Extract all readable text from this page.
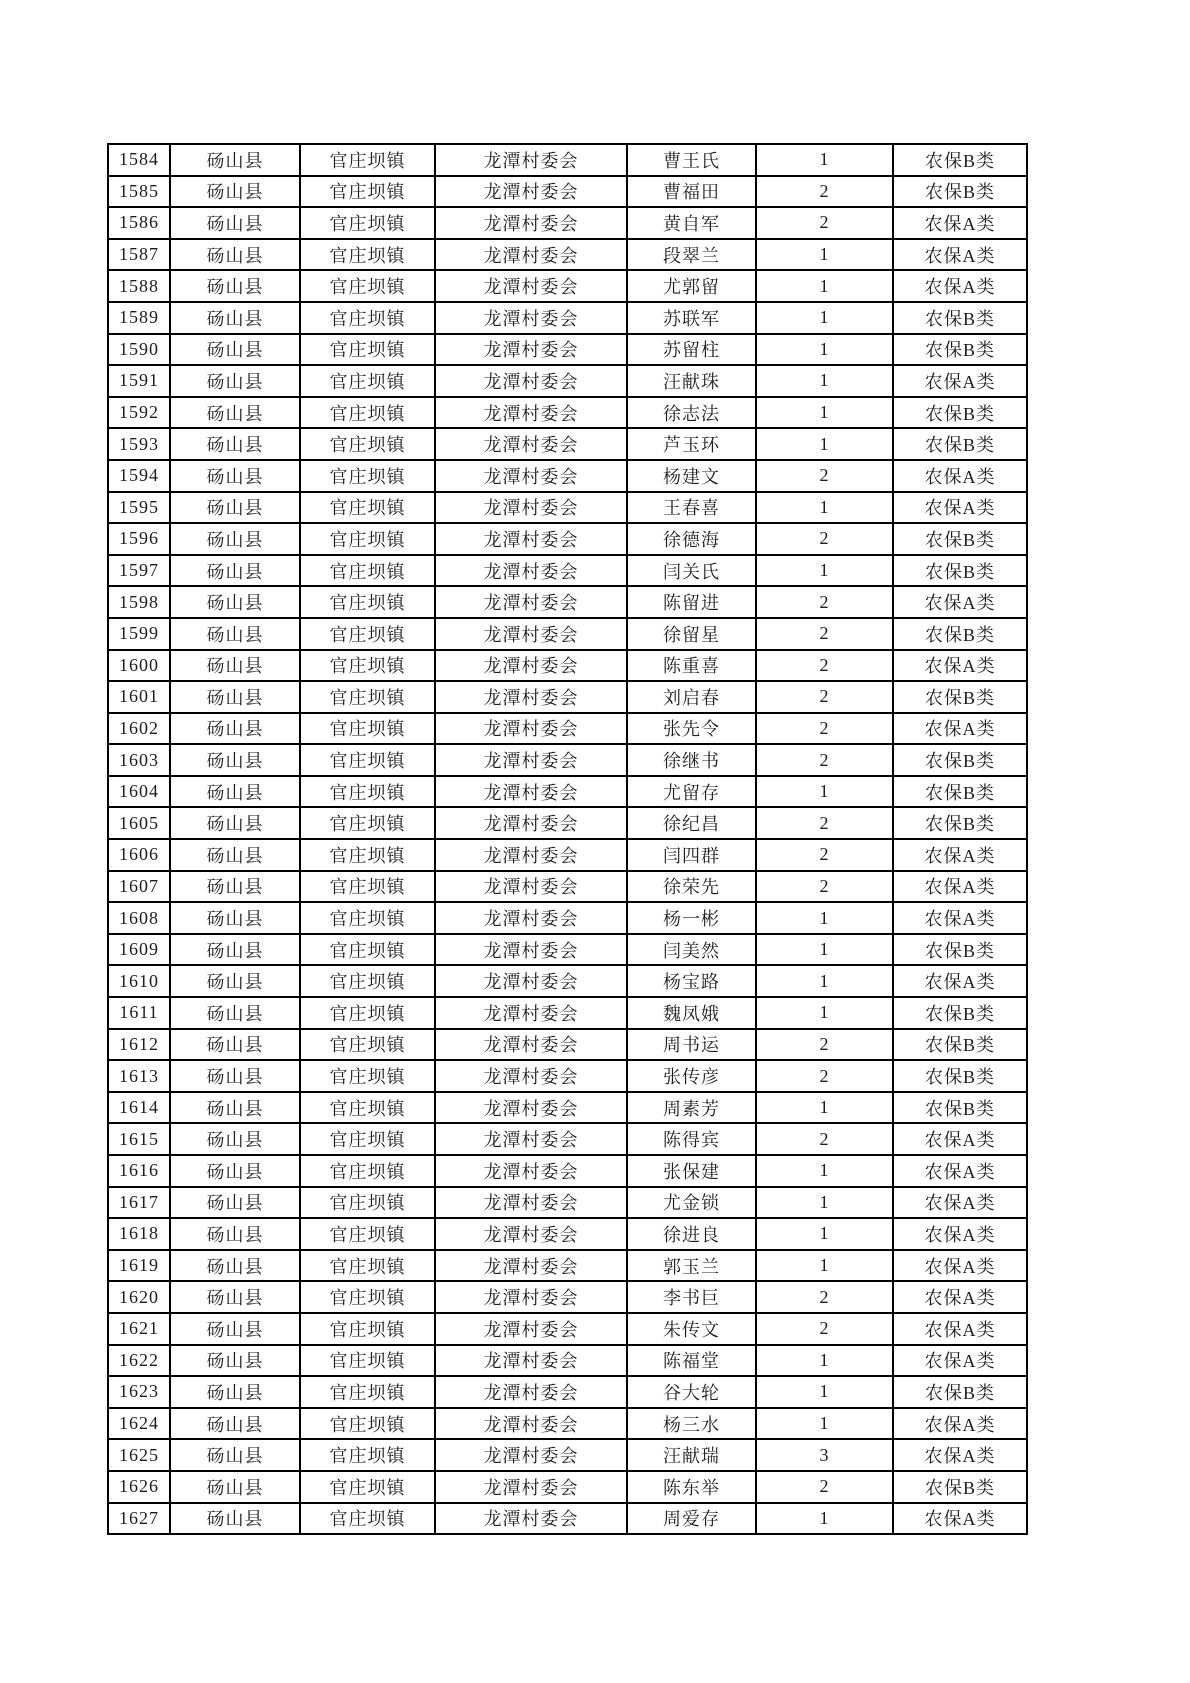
1584	砀山县	官庄坝镇	龙潭村委会	曹王氏	1	农保B类
1585	砀山县	官庄坝镇	龙潭村委会	曹福田	2	农保B类
1586	砀山县	官庄坝镇	龙潭村委会	黄自军	2	农保A类
1587	砀山县	官庄坝镇	龙潭村委会	段翠兰	1	农保A类
1588	砀山县	官庄坝镇	龙潭村委会	尤郭留	1	农保A类
1589	砀山县	官庄坝镇	龙潭村委会	苏联军	1	农保B类
1590	砀山县	官庄坝镇	龙潭村委会	苏留柱	1	农保B类
1591	砀山县	官庄坝镇	龙潭村委会	汪献珠	1	农保A类
1592	砀山县	官庄坝镇	龙潭村委会	徐志法	1	农保B类
1593	砀山县	官庄坝镇	龙潭村委会	芦玉环	1	农保B类
1594	砀山县	官庄坝镇	龙潭村委会	杨建文	2	农保A类
1595	砀山县	官庄坝镇	龙潭村委会	王春喜	1	农保A类
1596	砀山县	官庄坝镇	龙潭村委会	徐德海	2	农保B类
1597	砀山县	官庄坝镇	龙潭村委会	闫关氏	1	农保B类
1598	砀山县	官庄坝镇	龙潭村委会	陈留进	2	农保A类
1599	砀山县	官庄坝镇	龙潭村委会	徐留星	2	农保B类
1600	砀山县	官庄坝镇	龙潭村委会	陈重喜	2	农保A类
1601	砀山县	官庄坝镇	龙潭村委会	刘启春	2	农保B类
1602	砀山县	官庄坝镇	龙潭村委会	张先令	2	农保A类
1603	砀山县	官庄坝镇	龙潭村委会	徐继书	2	农保B类
1604	砀山县	官庄坝镇	龙潭村委会	尤留存	1	农保B类
1605	砀山县	官庄坝镇	龙潭村委会	徐纪昌	2	农保B类
1606	砀山县	官庄坝镇	龙潭村委会	闫四群	2	农保A类
1607	砀山县	官庄坝镇	龙潭村委会	徐荣先	2	农保A类
1608	砀山县	官庄坝镇	龙潭村委会	杨一彬	1	农保A类
1609	砀山县	官庄坝镇	龙潭村委会	闫美然	1	农保B类
1610	砀山县	官庄坝镇	龙潭村委会	杨宝路	1	农保A类
1611	砀山县	官庄坝镇	龙潭村委会	魏凤娥	1	农保B类
1612	砀山县	官庄坝镇	龙潭村委会	周书运	2	农保B类
1613	砀山县	官庄坝镇	龙潭村委会	张传彦	2	农保B类
1614	砀山县	官庄坝镇	龙潭村委会	周素芳	1	农保B类
1615	砀山县	官庄坝镇	龙潭村委会	陈得宾	2	农保A类
1616	砀山县	官庄坝镇	龙潭村委会	张保建	1	农保A类
1617	砀山县	官庄坝镇	龙潭村委会	尤金锁	1	农保A类
1618	砀山县	官庄坝镇	龙潭村委会	徐进良	1	农保A类
1619	砀山县	官庄坝镇	龙潭村委会	郭玉兰	1	农保A类
1620	砀山县	官庄坝镇	龙潭村委会	李书巨	2	农保A类
1621	砀山县	官庄坝镇	龙潭村委会	朱传文	2	农保A类
1622	砀山县	官庄坝镇	龙潭村委会	陈福堂	1	农保A类
1623	砀山县	官庄坝镇	龙潭村委会	谷大轮	1	农保B类
1624	砀山县	官庄坝镇	龙潭村委会	杨三水	1	农保A类
1625	砀山县	官庄坝镇	龙潭村委会	汪献瑞	3	农保A类
1626	砀山县	官庄坝镇	龙潭村委会	陈东举	2	农保B类
1627	砀山县	官庄坝镇	龙潭村委会	周爱存	1	农保A类
